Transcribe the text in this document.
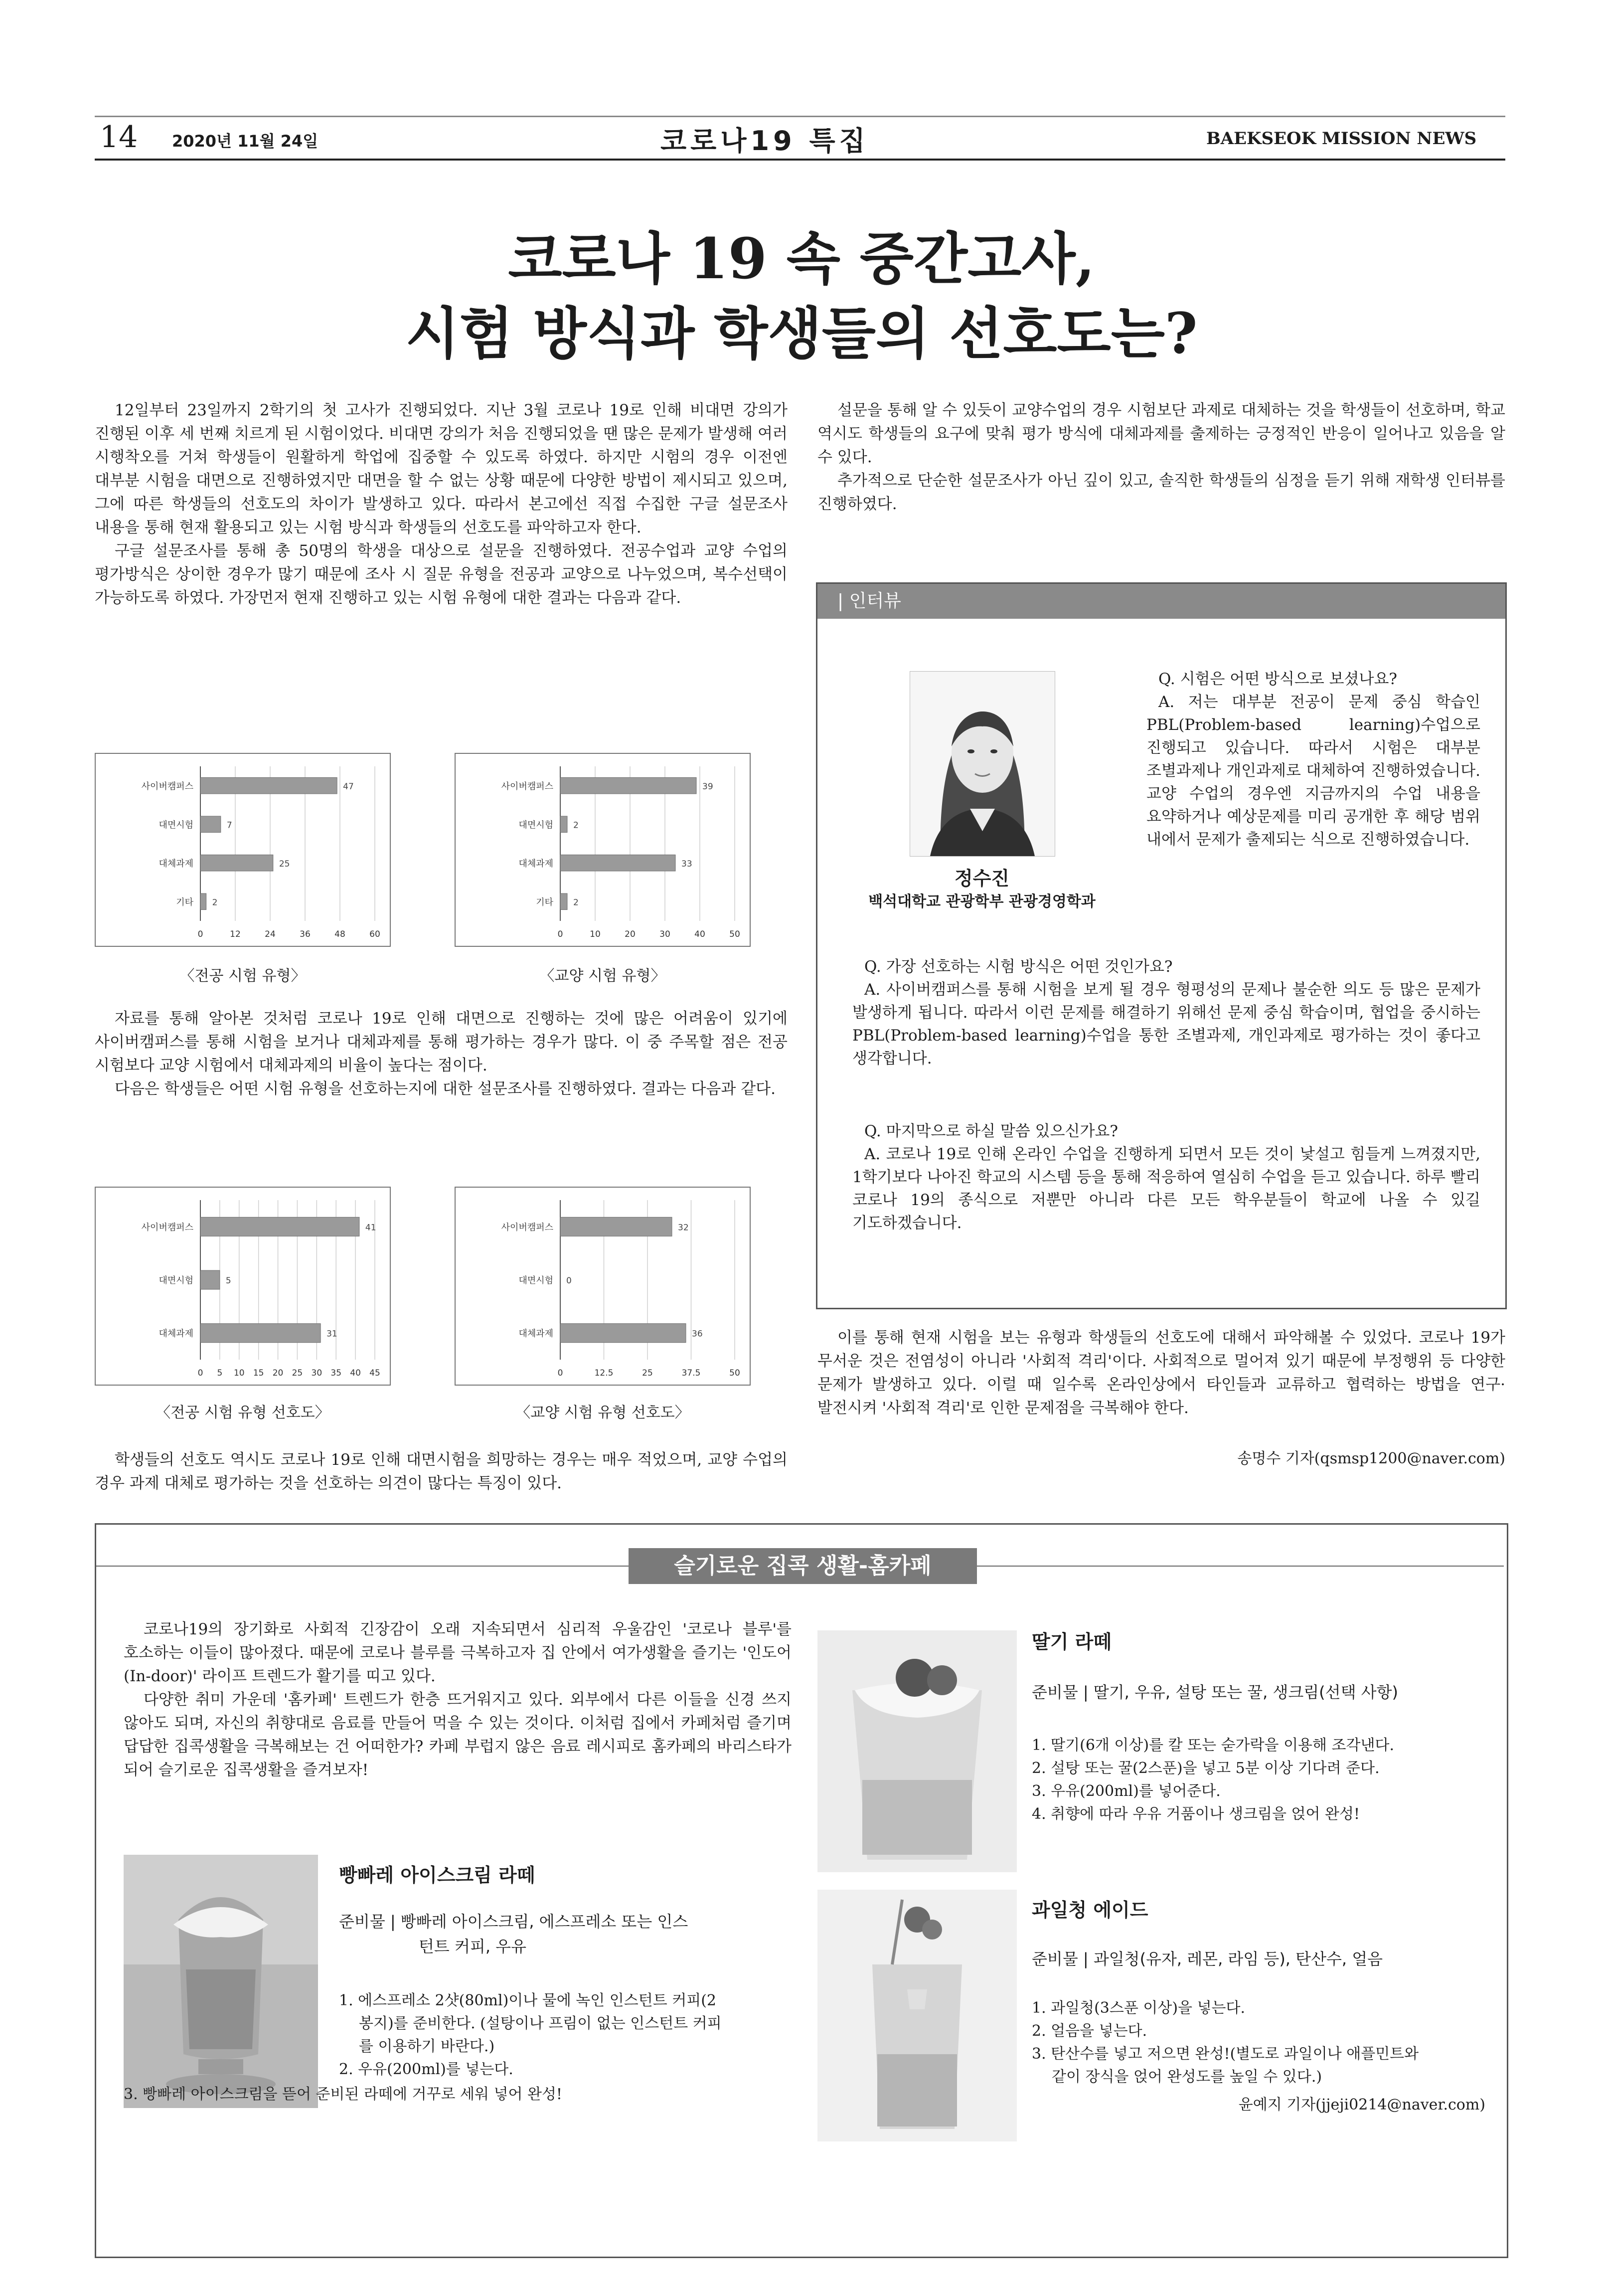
14 2020년 11월 24일	코로나19 특집	BAEKSEOK MISSION NEWS
코로나 19 속 중간고사,
시험 방식과 학생들의 선호도는?

12일부터 23일까지 2학기의 첫 고사가 진행되었다. 지난 3월 코로나 19로 인해 비대면 강의가 진행된 이후 세 번째 치르게 된 시험이었다. 비대면 강의가 처음 진행되었을 땐 많은 문제가 발생해 여러 시행착오를 거쳐 학생들이 원활하게 학업에 집중할 수 있도록 하였다. 하지만 시험의 경우 이전엔 대부분 시험을 대면으로 진행하였지만 대면을 할 수 없는 상황 때문에 다양한 방법이 제시되고 있으며, 그에 따른 학생들의 선호도의 차이가 발생하고 있다. 따라서 본고에선 직접 수집한 구글 설문조사 내용을 통해 현재 활용되고 있는 시험 방식과 학생들의 선호도를 파악하고자 한다.

구글 설문조사를 통해 총 50명의 학생을 대상으로 설문을 진행하였다. 전공수업과 교양 수업의 평가방식은 상이한 경우가 많기 때문에 조사 시 질문 유형을 전공과 교양으로 나누었으며, 복수선택이 가능하도록 하였다. 가장먼저 현재 진행하고 있는 시험 유형에 대한 결과는 다음과 같다.

0	12	24	36	48	60
사이버캠퍼스	47
대면시험	7
대체과제	25
기타 2
〈전공 시험 유형〉
0	10	20	30	40	50
사이버캠퍼스	39
대면시험 2
대체과제	33
기타 2
〈교양 시험 유형〉

자료를 통해 알아본 것처럼 코로나 19로 인해 대면으로 진행하는 것에 많은 어려움이 있기에 사이버캠퍼스를 통해 시험을 보거나 대체과제를 통해 평가하는 경우가 많다. 이 중 주목할 점은 전공 시험보다 교양 시험에서 대체과제의 비율이 높다는 점이다.

다음은 학생들은 어떤 시험 유형을 선호하는지에 대한 설문조사를 진행하였다. 결과는 다음과 같다.

0 5 10 15 20 25 30 35 40 45
사이버캠퍼스	41
대면시험	5
대체과제	31
〈전공 시험 유형 선호도〉
0	12.5	25	37.5	50
사이버캠퍼스	32
대면시험 0
대체과제	36
〈교양 시험 유형 선호도〉

학생들의 선호도 역시도 코로나 19로 인해 대면시험을 희망하는 경우는 매우 적었으며, 교양 수업의 경우 과제 대체로 평가하는 것을 선호하는 의견이 많다는 특징이 있다.

설문을 통해 알 수 있듯이 교양수업의 경우 시험보단 과제로 대체하는 것을 학생들이 선호하며, 학교 역시도 학생들의 요구에 맞춰 평가 방식에 대체과제를 출제하는 긍정적인 반응이 일어나고 있음을 알 수 있다.

추가적으로 단순한 설문조사가 아닌 깊이 있고, 솔직한 학생들의 심정을 듣기 위해 재학생 인터뷰를 진행하였다.

| 인터뷰
정수진
백석대학교 관광학부 관광경영학과

Q. 시험은 어떤 방식으로 보셨나요?

A. 저는 대부분 전공이 문제 중심 학습인 PBL(Problem-based learning)수업으로 진행되고 있습니다. 따라서 시험은 대부분 조별과제나 개인과제로 대체하여 진행하였습니다. 교양 수업의 경우엔 지금까지의 수업 내용을 요약하거나 예상문제를 미리 공개한 후 해당 범위 내에서 문제가 출제되는 식으로 진행하였습니다.

Q. 가장 선호하는 시험 방식은 어떤 것인가요?

A. 사이버캠퍼스를 통해 시험을 보게 될 경우 형평성의 문제나 불순한 의도 등 많은 문제가 발생하게 됩니다. 따라서 이런 문제를 해결하기 위해선 문제 중심 학습이며, 협업을 중시하는 PBL(Problem-based learning)수업을 통한 조별과제, 개인과제로 평가하는 것이 좋다고 생각합니다.

Q. 마지막으로 하실 말씀 있으신가요?

A. 코로나 19로 인해 온라인 수업을 진행하게 되면서 모든 것이 낯설고 힘들게 느껴졌지만, 1학기보다 나아진 학교의 시스템 등을 통해 적응하여 열심히 수업을 듣고 있습니다. 하루 빨리 코로나 19의 종식으로 저뿐만 아니라 다른 모든 학우분들이 학교에 나올 수 있길 기도하겠습니다.

이를 통해 현재 시험을 보는 유형과 학생들의 선호도에 대해서 파악해볼 수 있었다. 코로나 19가 무서운 것은 전염성이 아니라 '사회적 격리'이다. 사회적으로 멀어져 있기 때문에 부정행위 등 다양한 문제가 발생하고 있다. 이럴 때 일수록 온라인상에서 타인들과 교류하고 협력하는 방법을 연구·발전시켜 '사회적 격리'로 인한 문제점을 극복해야 한다.

송명수 기자(qsmsp1200@naver.com)
슬기로운 집콕 생활-홈카페

코로나19의 장기화로 사회적 긴장감이 오래 지속되면서 심리적 우울감인 '코로나 블루'를 호소하는 이들이 많아졌다. 때문에 코로나 블루를 극복하고자 집 안에서 여가생활을 즐기는 '인도어(In-door)' 라이프 트렌드가 활기를 띠고 있다.

다양한 취미 가운데 '홈카페' 트렌드가 한층 뜨거워지고 있다. 외부에서 다른 이들을 신경 쓰지 않아도 되며, 자신의 취향대로 음료를 만들어 먹을 수 있는 것이다. 이처럼 집에서 카페처럼 즐기며 답답한 집콕생활을 극복해보는 건 어떠한가? 카페 부럽지 않은 음료 레시피로 홈카페의 바리스타가 되어 슬기로운 집콕생활을 즐겨보자!

빵빠레 아이스크림 라떼
준비물 | 빵빠레 아이스크림, 에스프레소 또는 인스
턴트 커피, 우유
1. 에스프레소 2샷(80ml)이나 물에 녹인 인스턴트 커피(2
봉지)를 준비한다. (설탕이나 프림이 없는 인스턴트 커피
를 이용하기 바란다.)
2. 우유(200ml)를 넣는다.
3. 빵빠레 아이스크림을 뜯어 준비된 라떼에 거꾸로 세워 넣어 완성!
딸기 라떼
준비물 | 딸기, 우유, 설탕 또는 꿀, 생크림(선택 사항)
1. 딸기(6개 이상)를 칼 또는 숟가락을 이용해 조각낸다.
2. 설탕 또는 꿀(2스푼)을 넣고 5분 이상 기다려 준다.
3. 우유(200ml)를 넣어준다.
4. 취향에 따라 우유 거품이나 생크림을 얹어 완성!
과일청 에이드
준비물 | 과일청(유자, 레몬, 라임 등), 탄산수, 얼음
1. 과일청(3스푼 이상)을 넣는다.
2. 얼음을 넣는다.
3. 탄산수를 넣고 저으면 완성!(별도로 과일이나 애플민트와
같이 장식을 얹어 완성도를 높일 수 있다.)
윤예지 기자(jjeji0214@naver.com)
